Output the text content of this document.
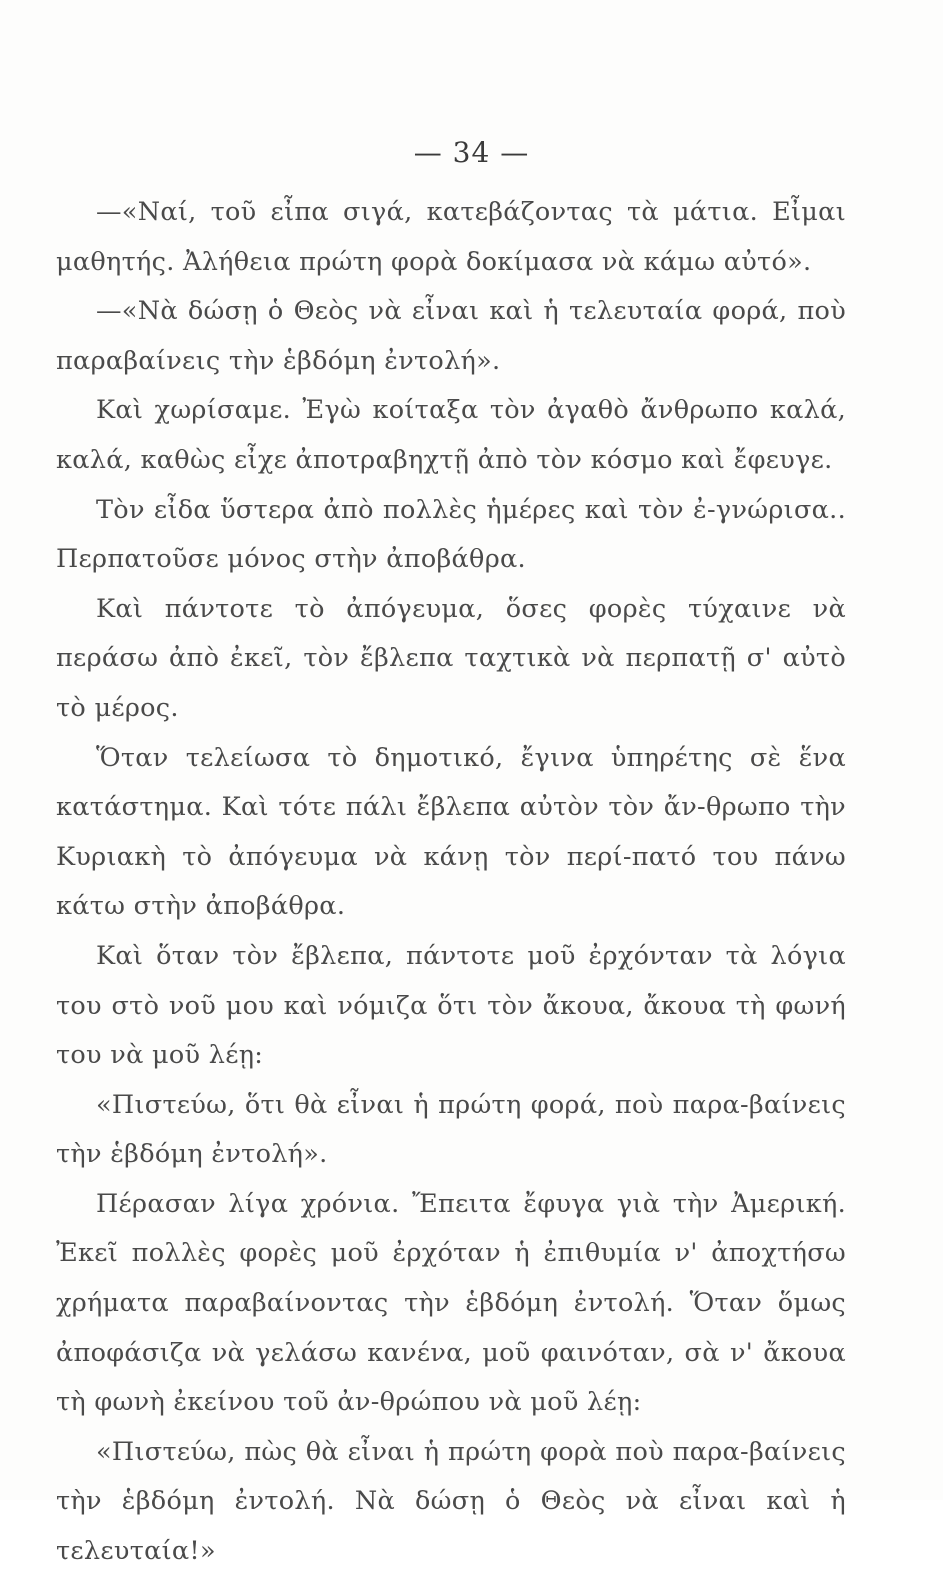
— 34 —

—«Ναί, τοῦ εἶπα σιγά, κατεβάζοντας τὰ μάτια. Εἶμαι μαθητής. Ἀλήθεια πρώτη φορὰ δοκίμασα νὰ κάμω αὐτό».

—«Νὰ δώσῃ ὁ Θεὸς νὰ εἶναι καὶ ἡ τελευταία φορά, ποὺ παραβαίνεις τὴν ἑβδόμη ἐντολή».

Καὶ χωρίσαμε. Ἐγὼ κοίταξα τὸν ἀγαθὸ ἄνθρωπο καλά, καλά, καθὼς εἶχε ἀποτραβηχτῇ ἀπὸ τὸν κόσμο καὶ ἔφευγε.

Τὸν εἶδα ὕστερα ἀπὸ πολλὲς ἡμέρες καὶ τὸν ἐ-γνώρισα.. Περπατοῦσε μόνος στὴν ἀποβάθρα.

Καὶ πάντοτε τὸ ἀπόγευμα, ὅσες φορὲς τύχαινε νὰ περάσω ἀπὸ ἐκεῖ, τὸν ἔβλεπα ταχτικὰ νὰ περπατῇ σ' αὐτὸ τὸ μέρος.

Ὅταν τελείωσα τὸ δημοτικό, ἔγινα ὑπηρέτης σὲ ἕνα κατάστημα. Καὶ τότε πάλι ἔβλεπα αὐτὸν τὸν ἄν-θρωπο τὴν Κυριακὴ τὸ ἀπόγευμα νὰ κάνῃ τὸν περί-πατό του πάνω κάτω στὴν ἀποβάθρα.

Καὶ ὅταν τὸν ἔβλεπα, πάντοτε μοῦ ἐρχόνταν τὰ λόγια του στὸ νοῦ μου καὶ νόμιζα ὅτι τὸν ἄκουα, ἄκουα τὴ φωνή του νὰ μοῦ λέῃ:

«Πιστεύω, ὅτι θὰ εἶναι ἡ πρώτη φορά, ποὺ παρα-βαίνεις τὴν ἑβδόμη ἐντολή».

Πέρασαν λίγα χρόνια. Ἔπειτα ἔφυγα γιὰ τὴν Ἀμερική. Ἐκεῖ πολλὲς φορὲς μοῦ ἐρχόταν ἡ ἐπιθυμία ν' ἀποχτήσω χρήματα παραβαίνοντας τὴν ἑβδόμη ἐντολή. Ὅταν ὅμως ἀποφάσιζα νὰ γελάσω κανένα, μοῦ φαινόταν, σὰ ν' ἄκουα τὴ φωνὴ ἐκείνου τοῦ ἀν-θρώπου νὰ μοῦ λέῃ:

«Πιστεύω, πὼς θὰ εἶναι ἡ πρώτη φορὰ ποὺ παρα-βαίνεις τὴν ἑβδόμη ἐντολή. Νὰ δώσῃ ὁ Θεὸς νὰ εἶναι καὶ ἡ τελευταία!»
